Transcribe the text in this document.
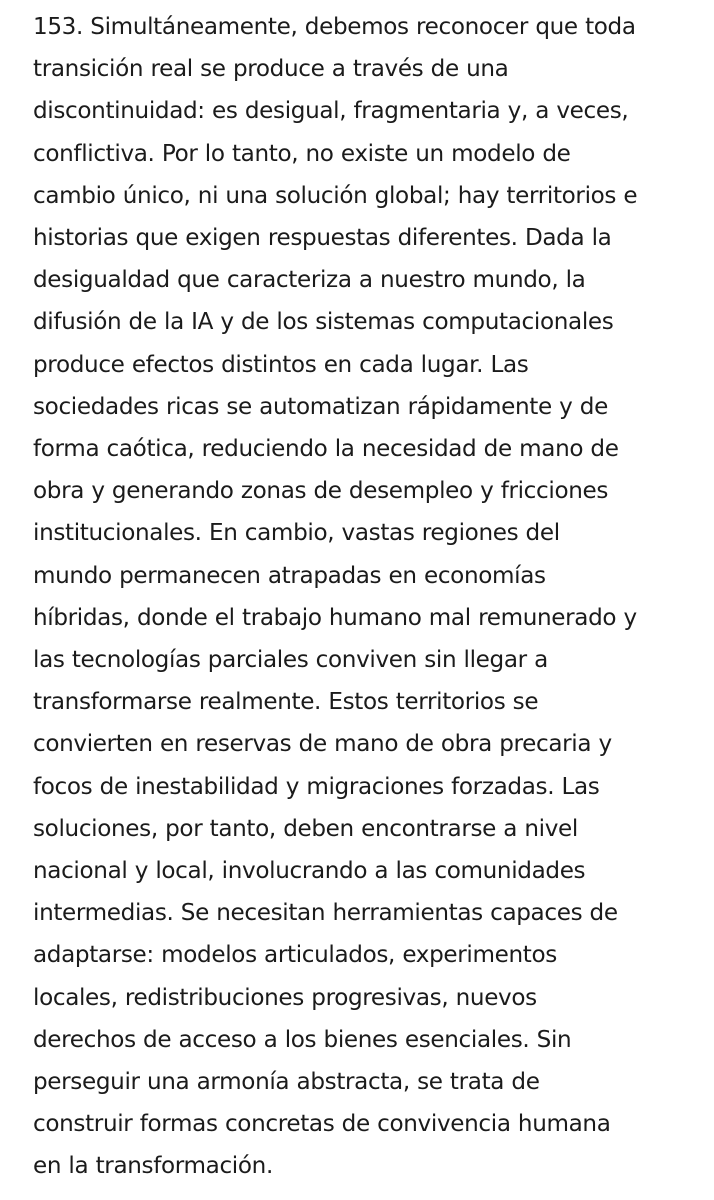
153. Simultáneamente, debemos reconocer que toda
transición real se produce a través de una
discontinuidad: es desigual, fragmentaria y, a veces,
conflictiva. Por lo tanto, no existe un modelo de
cambio único, ni una solución global; hay territorios e
historias que exigen respuestas diferentes. Dada la
desigualdad que caracteriza a nuestro mundo, la
difusión de la IA y de los sistemas computacionales
produce efectos distintos en cada lugar. Las
sociedades ricas se automatizan rápidamente y de
forma caótica, reduciendo la necesidad de mano de
obra y generando zonas de desempleo y fricciones
institucionales. En cambio, vastas regiones del
mundo permanecen atrapadas en economías
híbridas, donde el trabajo humano mal remunerado y
las tecnologías parciales conviven sin llegar a
transformarse realmente. Estos territorios se
convierten en reservas de mano de obra precaria y
focos de inestabilidad y migraciones forzadas. Las
soluciones, por tanto, deben encontrarse a nivel
nacional y local, involucrando a las comunidades
intermedias. Se necesitan herramientas capaces de
adaptarse: modelos articulados, experimentos
locales, redistribuciones progresivas, nuevos
derechos de acceso a los bienes esenciales. Sin
perseguir una armonía abstracta, se trata de
construir formas concretas de convivencia humana
en la transformación.
